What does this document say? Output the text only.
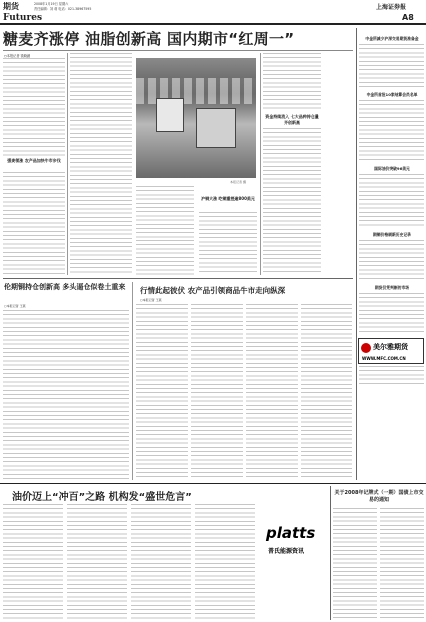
期货	2008年1月19日 星期六
责任编辑：刘 莉 电话：021-38967595	上海证券报
Futures	A8
糖麦齐涨停 油脂创新高 国内期市“红周一”
○本报记者 钱晓涵
强麦领涨 农产品加快牛市步伐
本报记者 摄
沪铜大涨 吃铜重挫逾800美元
资金持续流入 七大品种持仓量齐创新高
中金所减少沪深交易期货准备金
中金所首批10家结算会员名单
国际油价突破96美元
期铜价格刷新历史记录
期货仅凭判断的市场
美尔雅期货
WWW.MFC.COM.CN
伦期铜持仓创新高 多头逼仓似卷土重来
○本报记者 王燕
行情此起彼伏 农产品引领商品牛市走向纵深
○本报记者 王燕
油价迈上“冲百”之路 机构发“盛世危言”
platts
普氏能源资讯
关于2008年记牌式（一期）国债上市交易的通知
